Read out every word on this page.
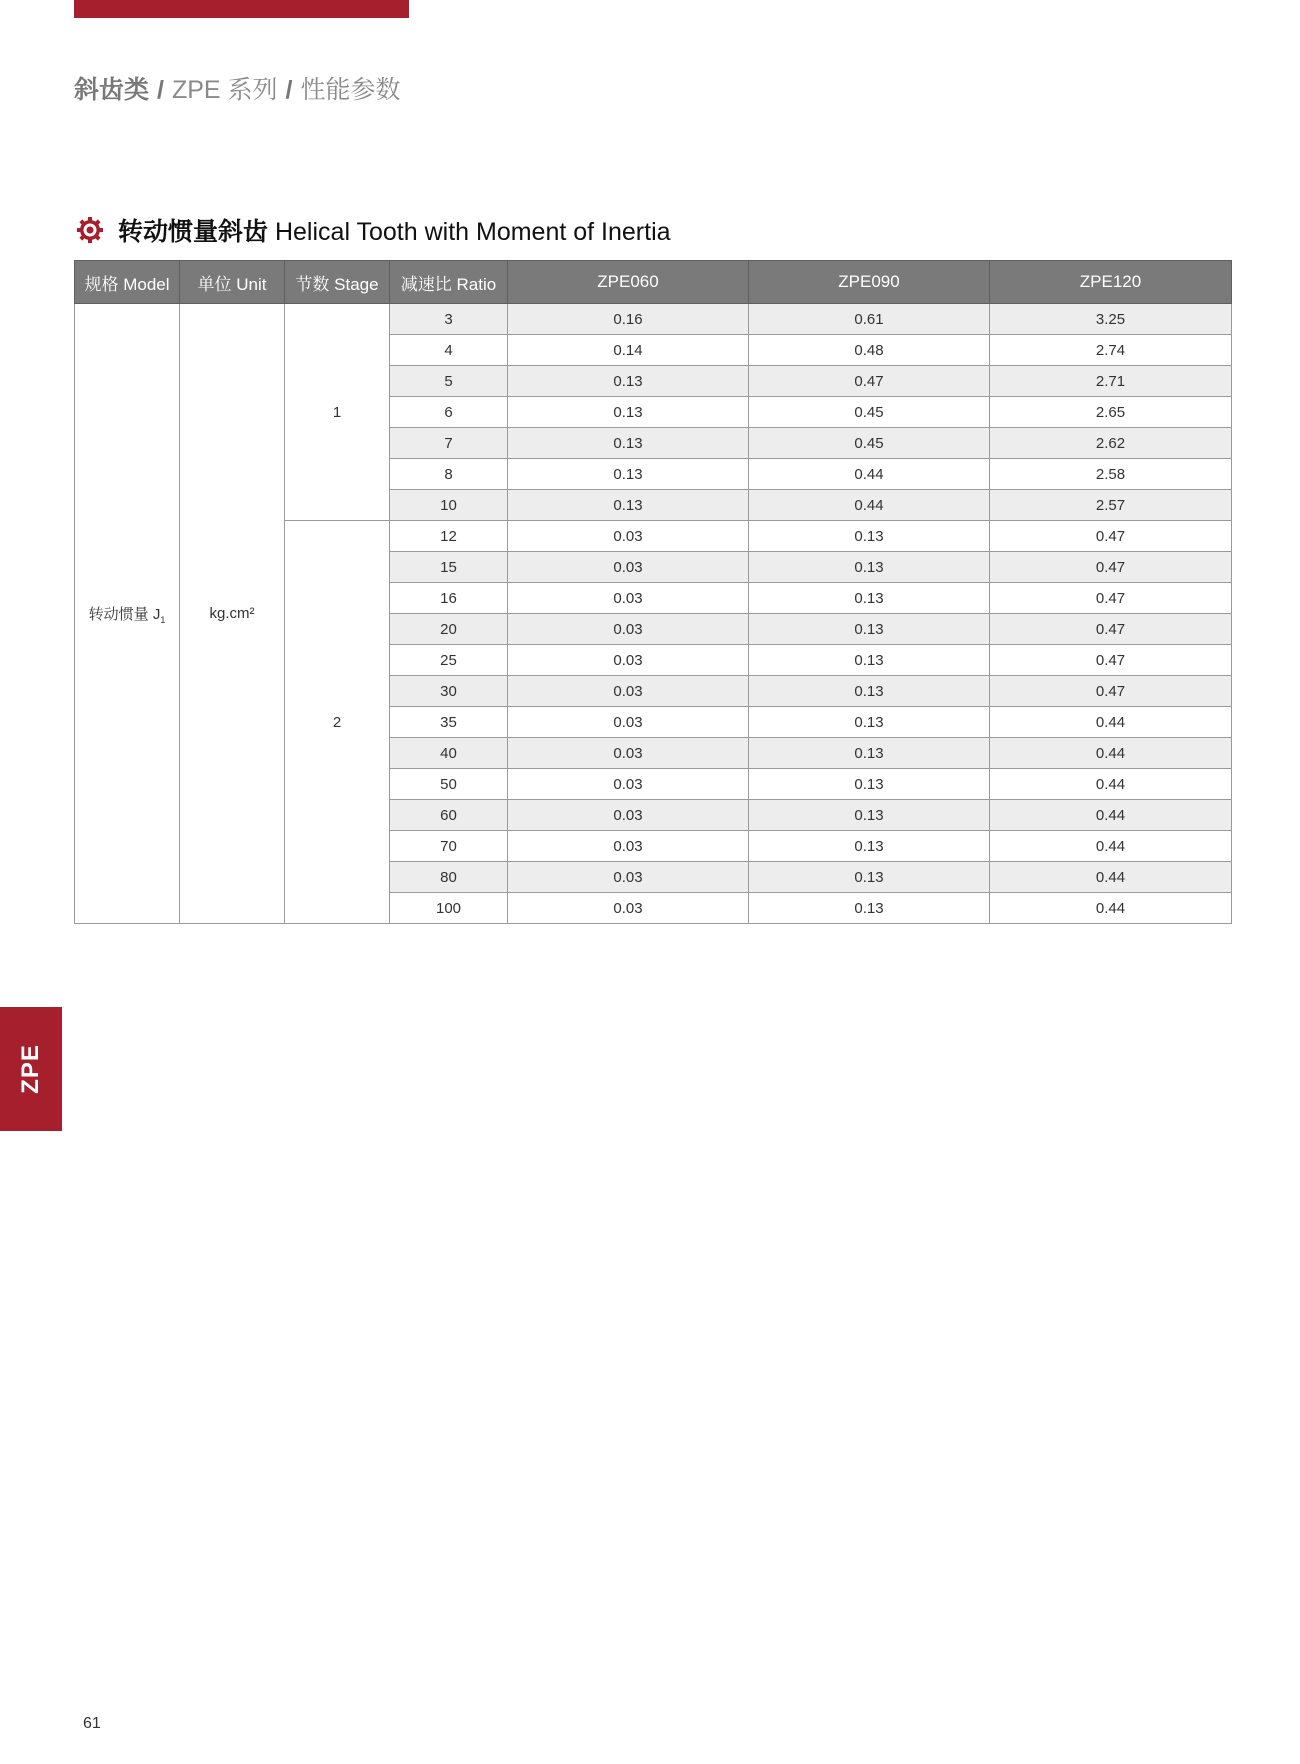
斜齿类 / ZPE 系列 / 性能参数
转动惯量斜齿 Helical Tooth with Moment of Inertia
规格 Model	单位 Unit	节数 Stage	减速比 Ratio	ZPE060	ZPE090	ZPE120
转动惯量 $J_1$	kg.cm²	1	3	0.16	0.61	3.25
			4	0.14	0.48	2.74
			5	0.13	0.47	2.71
			6	0.13	0.45	2.65
			7	0.13	0.45	2.62
			8	0.13	0.44	2.58
			10	0.13	0.44	2.57
		2	12	0.03	0.13	0.47
			15	0.03	0.13	0.47
			16	0.03	0.13	0.47
			20	0.03	0.13	0.47
			25	0.03	0.13	0.47
			30	0.03	0.13	0.47
			35	0.03	0.13	0.44
			40	0.03	0.13	0.44
			50	0.03	0.13	0.44
			60	0.03	0.13	0.44
			70	0.03	0.13	0.44
			80	0.03	0.13	0.44
			100	0.03	0.13	0.44
ZPE
61
